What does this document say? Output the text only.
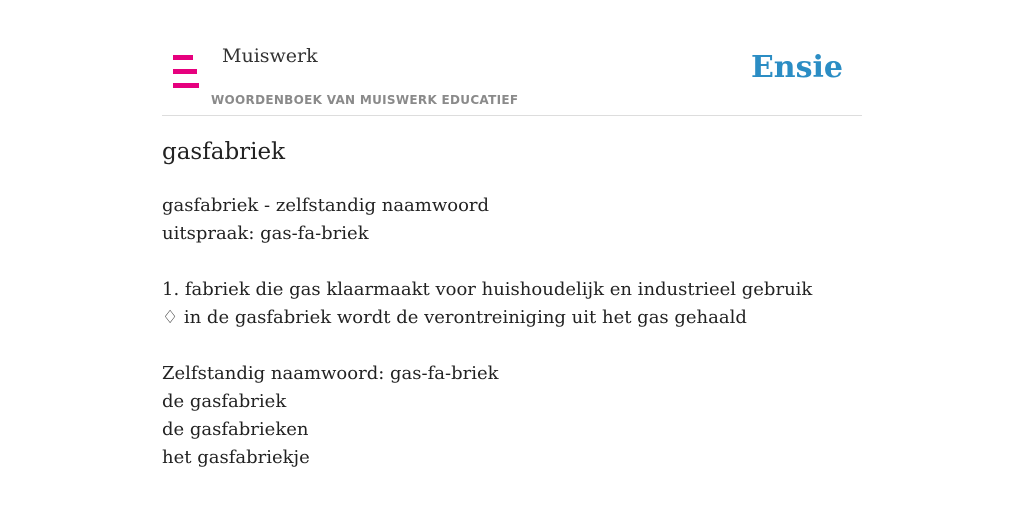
Muiswerk
WOORDENBOEK VAN MUISWERK EDUCATIEF
Ensie
gasfabriek
gasfabriek - zelfstandig naamwoord
uitspraak: gas-fa-briek
1. fabriek die gas klaarmaakt voor huishoudelijk en industrieel gebruik
♢ in de gasfabriek wordt de verontreiniging uit het gas gehaald
Zelfstandig naamwoord: gas-fa-briek
de gasfabriek
de gasfabrieken
het gasfabriekje
